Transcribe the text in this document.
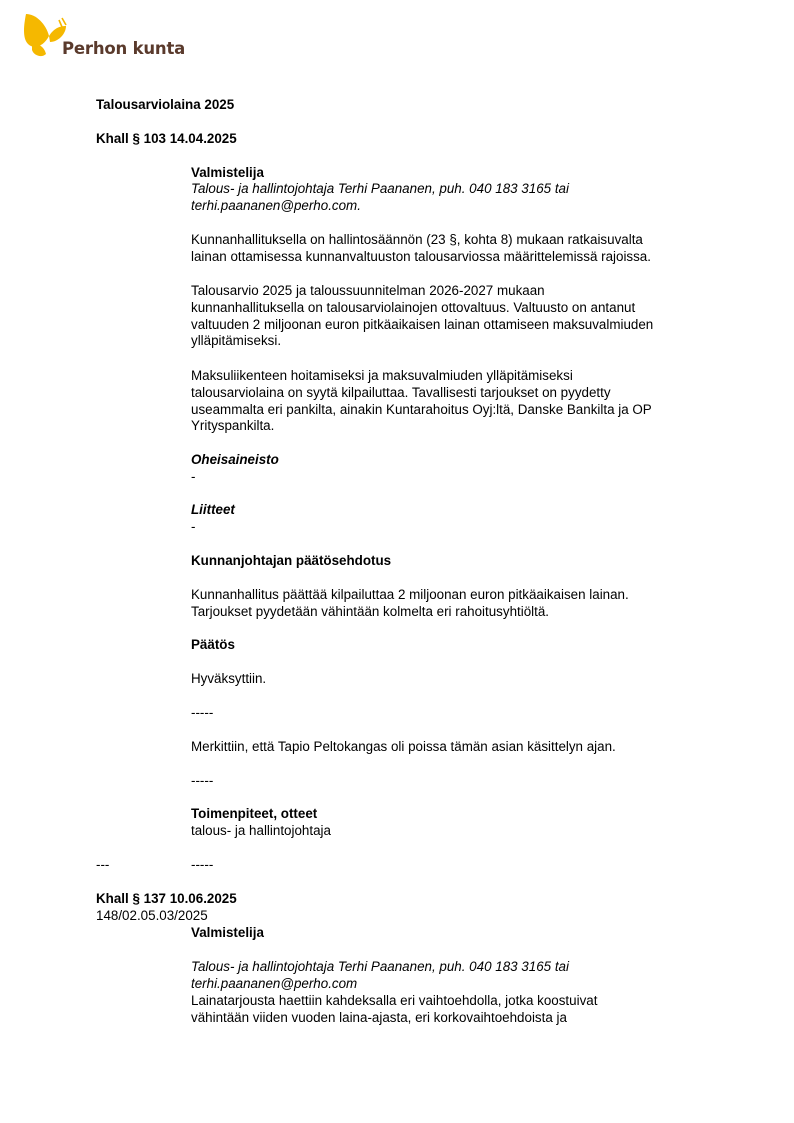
Perhon kunta
Talousarviolaina 2025
Khall § 103 14.04.2025
Valmistelija
Talous- ja hallintojohtaja Terhi Paananen, puh. 040 183 3165 tai
terhi.paananen@perho.com.
Kunnanhallituksella on hallintosäännön (23 §, kohta 8) mukaan ratkaisuvalta
lainan ottamisessa kunnanvaltuuston talousarviossa määrittelemissä rajoissa.
Talousarvio 2025 ja taloussuunnitelman 2026-2027 mukaan
kunnanhallituksella on talousarviolainojen ottovaltuus. Valtuusto on antanut
valtuuden 2 miljoonan euron pitkäaikaisen lainan ottamiseen maksuvalmiuden
ylläpitämiseksi.
Maksuliikenteen hoitamiseksi ja maksuvalmiuden ylläpitämiseksi
talousarviolaina on syytä kilpailuttaa. Tavallisesti tarjoukset on pyydetty
useammalta eri pankilta, ainakin Kuntarahoitus Oyj:ltä, Danske Bankilta ja OP
Yrityspankilta.
Oheisaineisto
-
Liitteet
-
Kunnanjohtajan päätösehdotus
Kunnanhallitus päättää kilpailuttaa 2 miljoonan euron pitkäaikaisen lainan.
Tarjoukset pyydetään vähintään kolmelta eri rahoitusyhtiöltä.
Päätös
Hyväksyttiin.
-----
Merkittiin, että Tapio Peltokangas oli poissa tämän asian käsittelyn ajan.
-----
Toimenpiteet, otteet
talous- ja hallintojohtaja
---	-----
Khall § 137 10.06.2025
148/02.05.03/2025
Valmistelija
Talous- ja hallintojohtaja Terhi Paananen, puh. 040 183 3165 tai
terhi.paananen@perho.com
Lainatarjousta haettiin kahdeksalla eri vaihtoehdolla, jotka koostuivat
vähintään viiden vuoden laina-ajasta, eri korkovaihtoehdoista ja
